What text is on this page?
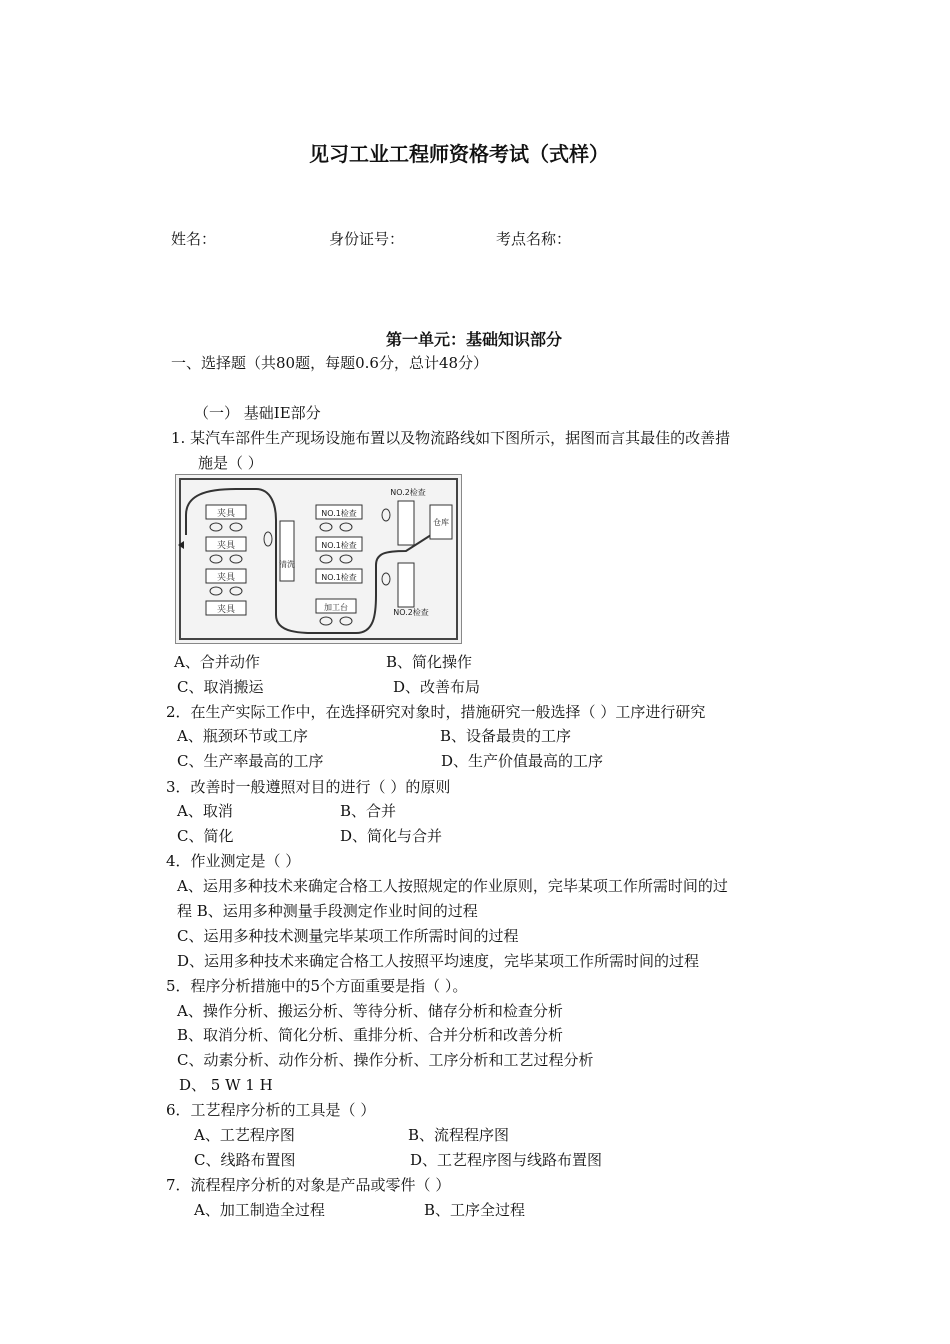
见习工业工程师资格考试（式样）
姓名：	身份证号：	考点名称：
第一单元：基础知识部分
一、选择题（共80题，每题0.6分，总计48分）
（一） 基础IE部分
1. 某汽车部件生产现场设施布置以及物流路线如下图所示，据图而言其最佳的改善措
施是（ ）
夹具
夹具
夹具
夹具
清洗
NO.1检查
NO.1检查
NO.1检查
加工台
NO.2检查
NO.2检查
仓库
A、合并动作	B、简化操作
C、取消搬运	D、改善布局
2．在生产实际工作中，在选择研究对象时，措施研究一般选择（ ）工序进行研究
A、瓶颈环节或工序	B、设备最贵的工序
C、生产率最高的工序	D、生产价值最高的工序
3．改善时一般遵照对目的进行（ ）的原则
A、取消	B、合并
C、简化	D、简化与合并
4．作业测定是（ ）
A、运用多种技术来确定合格工人按照规定的作业原则，完毕某项工作所需时间的过
程 B、运用多种测量手段测定作业时间的过程
C、运用多种技术测量完毕某项工作所需时间的过程
D、运用多种技术来确定合格工人按照平均速度，完毕某项工作所需时间的过程
5．程序分析措施中的5个方面重要是指（ ）。
A、操作分析、搬运分析、等待分析、储存分析和检查分析
B、取消分析、简化分析、重排分析、合并分析和改善分析
C、动素分析、动作分析、操作分析、工序分析和工艺过程分析
D、 5 W 1 H
6．工艺程序分析的工具是（ ）
A、工艺程序图	B、流程程序图
C、线路布置图	D、工艺程序图与线路布置图
7．流程程序分析的对象是产品或零件（ ）
A、加工制造全过程	B、工序全过程
